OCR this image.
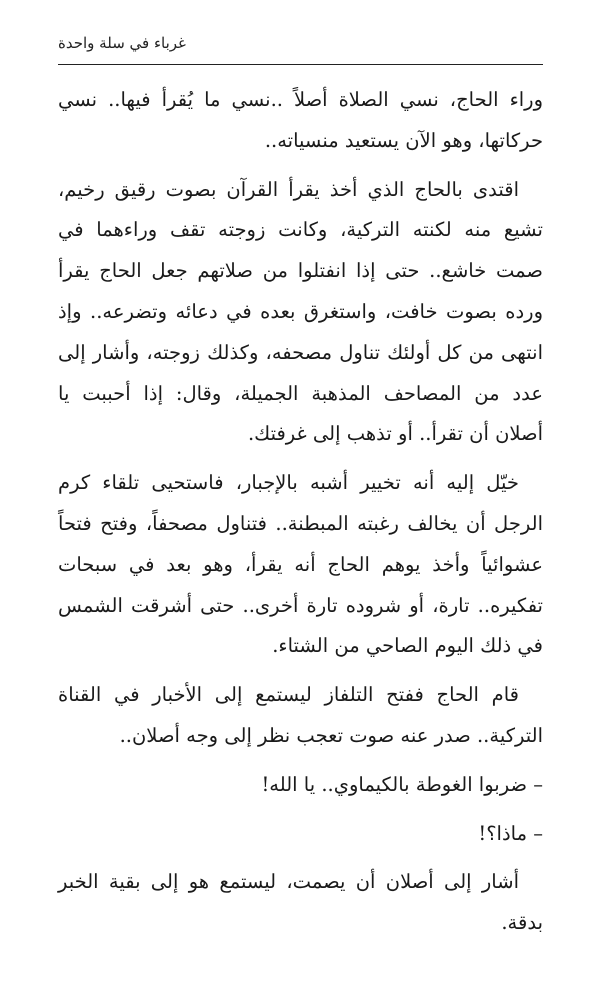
غرباء في سلة واحدة

وراء الحاج، نسي الصلاة أصلاً ..نسي ما يُقرأ فيها.. نسي حركاتها، وهو الآن يستعيد منسياته..

اقتدى بالحاج الذي أخذ يقرأ القرآن بصوت رقيق رخيم، تشيع منه لكنته التركية، وكانت زوجته تقف وراءهما في صمت خاشع.. حتى إذا انفتلوا من صلاتهم جعل الحاج يقرأ ورده بصوت خافت، واستغرق بعده في دعائه وتضرعه.. وإذ انتهى من كل أولئك تناول مصحفه، وكذلك زوجته، وأشار إلى عدد من المصاحف المذهبة الجميلة، وقال: إذا أحببت يا أصلان أن تقرأ.. أو تذهب إلى غرفتك.

خيّل إليه أنه تخيير أشبه بالإجبار، فاستحيى تلقاء كرم الرجل أن يخالف رغبته المبطنة.. فتناول مصحفاً، وفتح فتحاً عشوائياً وأخذ يوهم الحاج أنه يقرأ، وهو بعد في سبحات تفكيره.. تارة، أو شروده تارة أخرى.. حتى أشرقت الشمس في ذلك اليوم الصاحي من الشتاء.

قام الحاج ففتح التلفاز ليستمع إلى الأخبار في القناة التركية.. صدر عنه صوت تعجب نظر إلى وجه أصلان..

– ضربوا الغوطة بالكيماوي.. يا الله!

– ماذا؟!

أشار إلى أصلان أن يصمت، ليستمع هو إلى بقية الخبر بدقة.
